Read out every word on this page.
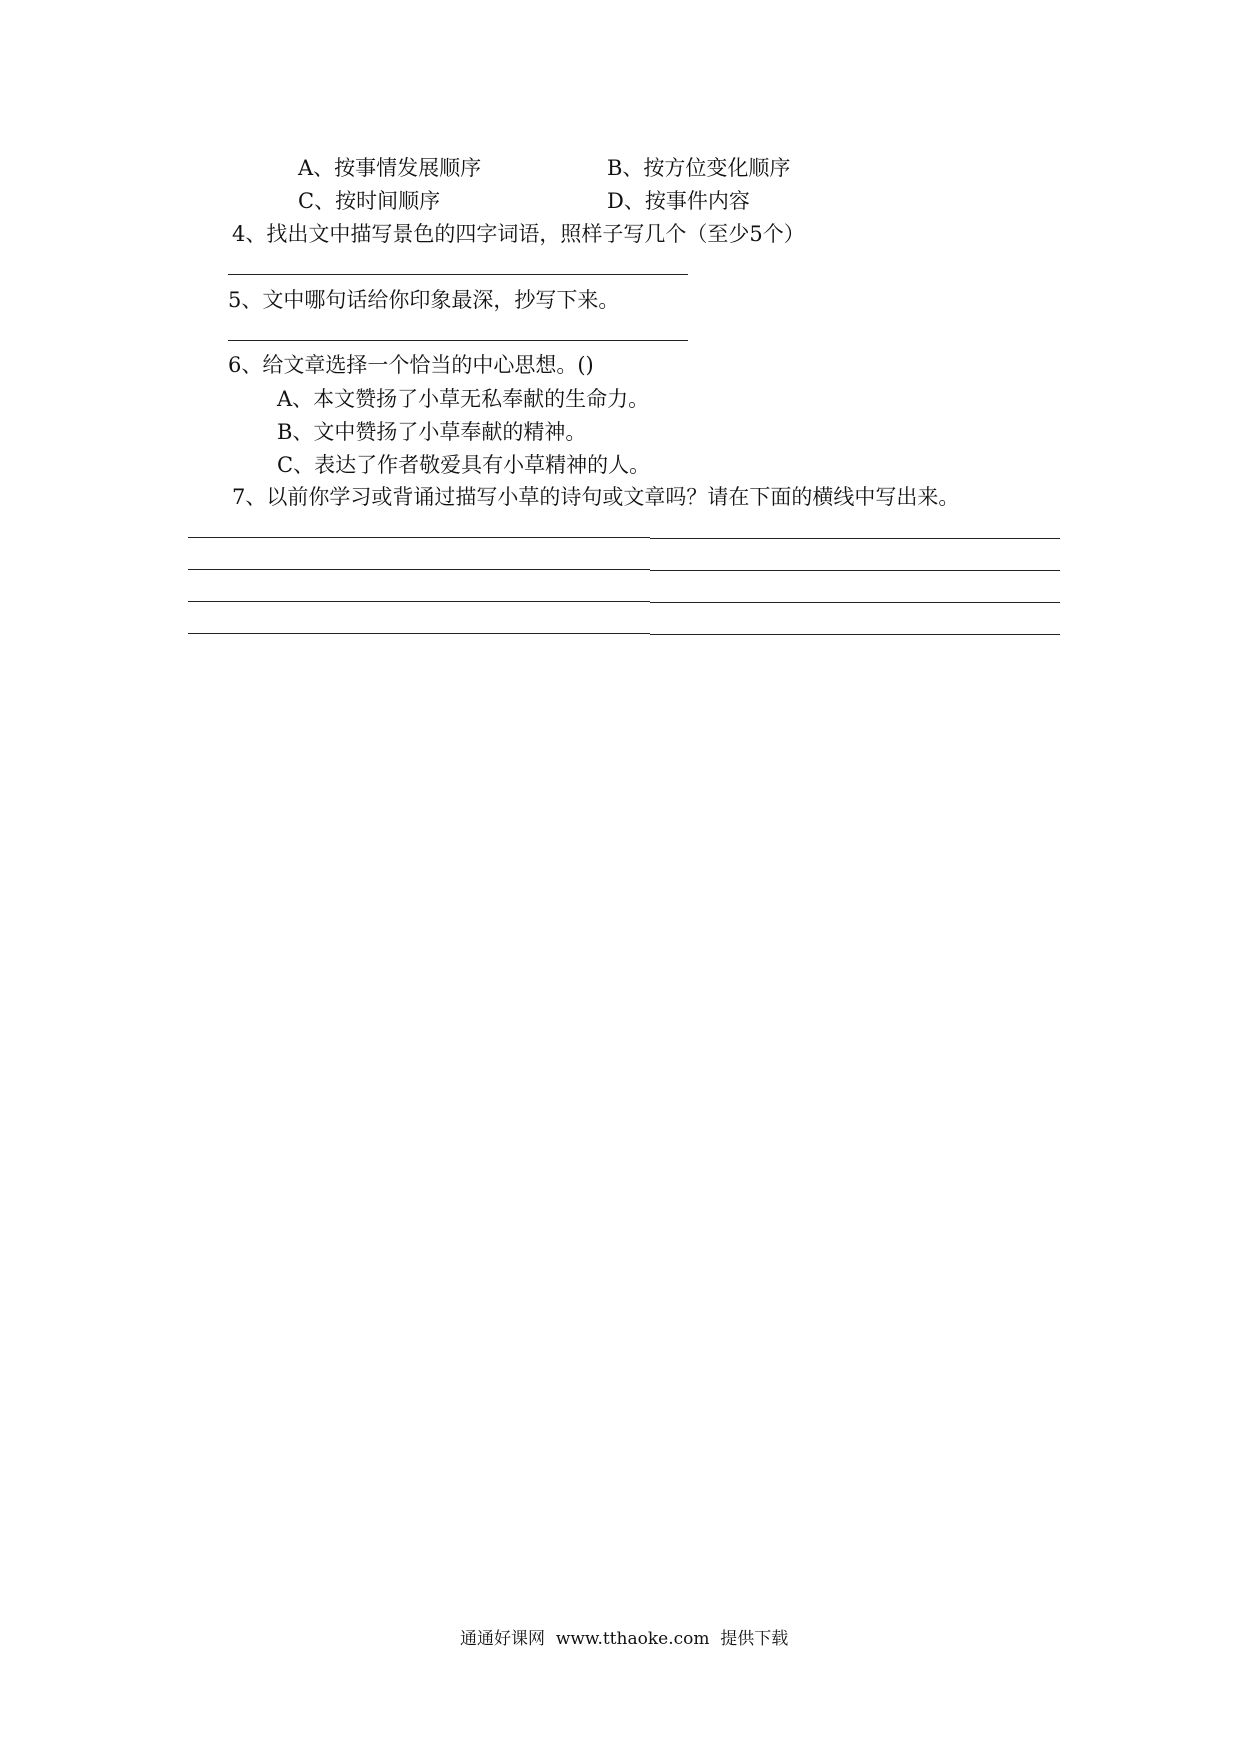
A、按事情发展顺序	B、按方位变化顺序
C、按时间顺序	D、按事件内容
4、找出文中描写景色的四字词语，照样子写几个（至少5个）
5、文中哪句话给你印象最深，抄写下来。
6、给文章选择一个恰当的中心思想。()
A、本文赞扬了小草无私奉献的生命力。
B、文中赞扬了小草奉献的精神。
C、表达了作者敬爱具有小草精神的人。
7、以前你学习或背诵过描写小草的诗句或文章吗？请在下面的横线中写出来。
通通好课网 www.tthaoke.com 提供下载
